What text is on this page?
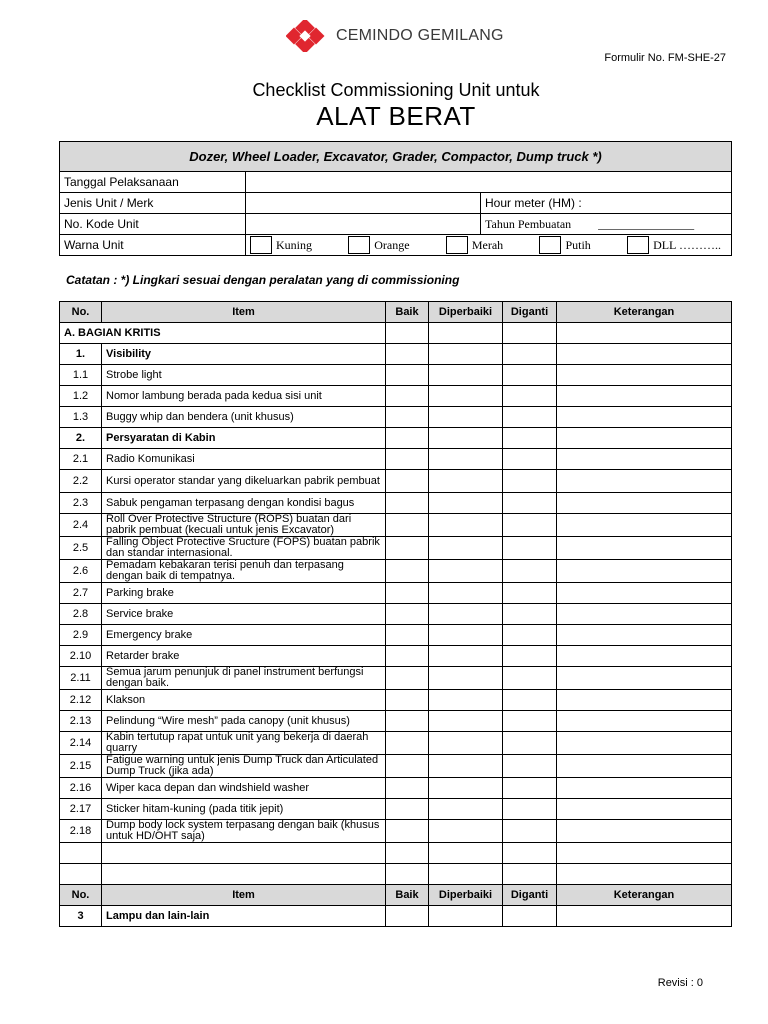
CEMINDO GEMILANG
Formulir No. FM-SHE-27
Checklist Commissioning Unit untuk
ALAT BERAT
Dozer, Wheel Loader, Excavator, Grader, Compactor, Dump truck *)		
Tanggal Pelaksanaan		
Jenis Unit / Merk		Hour meter (HM) :
No. Kode Unit		Tahun Pembuatan ________________
Warna Unit	Kuning Orange Merah Putih DLL ………..	
Catatan : *) Lingkari sesuai dengan peralatan yang di commissioning
No.	Item	Baik	Diperbaiki	Diganti	Keterangan
A. BAGIAN KRITIS					
1.	Visibility				
1.1	Strobe light				
1.2	Nomor lambung berada pada kedua sisi unit				
1.3	Buggy whip dan bendera (unit khusus)				
2.	Persyaratan di Kabin				
2.1	Radio Komunikasi				
2.2	Kursi operator standar yang dikeluarkan pabrik pembuat				
2.3	Sabuk pengaman terpasang dengan kondisi bagus				
2.4	Roll Over Protective Structure (ROPS) buatan dari pabrik pembuat (kecuali untuk jenis Excavator)				
2.5	Falling Object Protective Sructure (FOPS) buatan pabrik dan standar internasional.				
2.6	Pemadam kebakaran terisi penuh dan terpasang dengan baik di tempatnya.				
2.7	Parking brake				
2.8	Service brake				
2.9	Emergency brake				
2.10	Retarder brake				
2.11	Semua jarum penunjuk di panel instrument berfungsi dengan baik.				
2.12	Klakson				
2.13	Pelindung “Wire mesh” pada canopy (unit khusus)				
2.14	Kabin tertutup rapat untuk unit yang bekerja di daerah quarry				
2.15	Fatigue warning untuk jenis Dump Truck dan Articulated Dump Truck (jika ada)				
2.16	Wiper kaca depan dan windshield washer				
2.17	Sticker hitam-kuning (pada titik jepit)				
2.18	Dump body lock system terpasang dengan baik (khusus untuk HD/OHT saja)				

No.	Item	Baik	Diperbaiki	Diganti	Keterangan
3	Lampu dan lain-lain				
Revisi : 0
